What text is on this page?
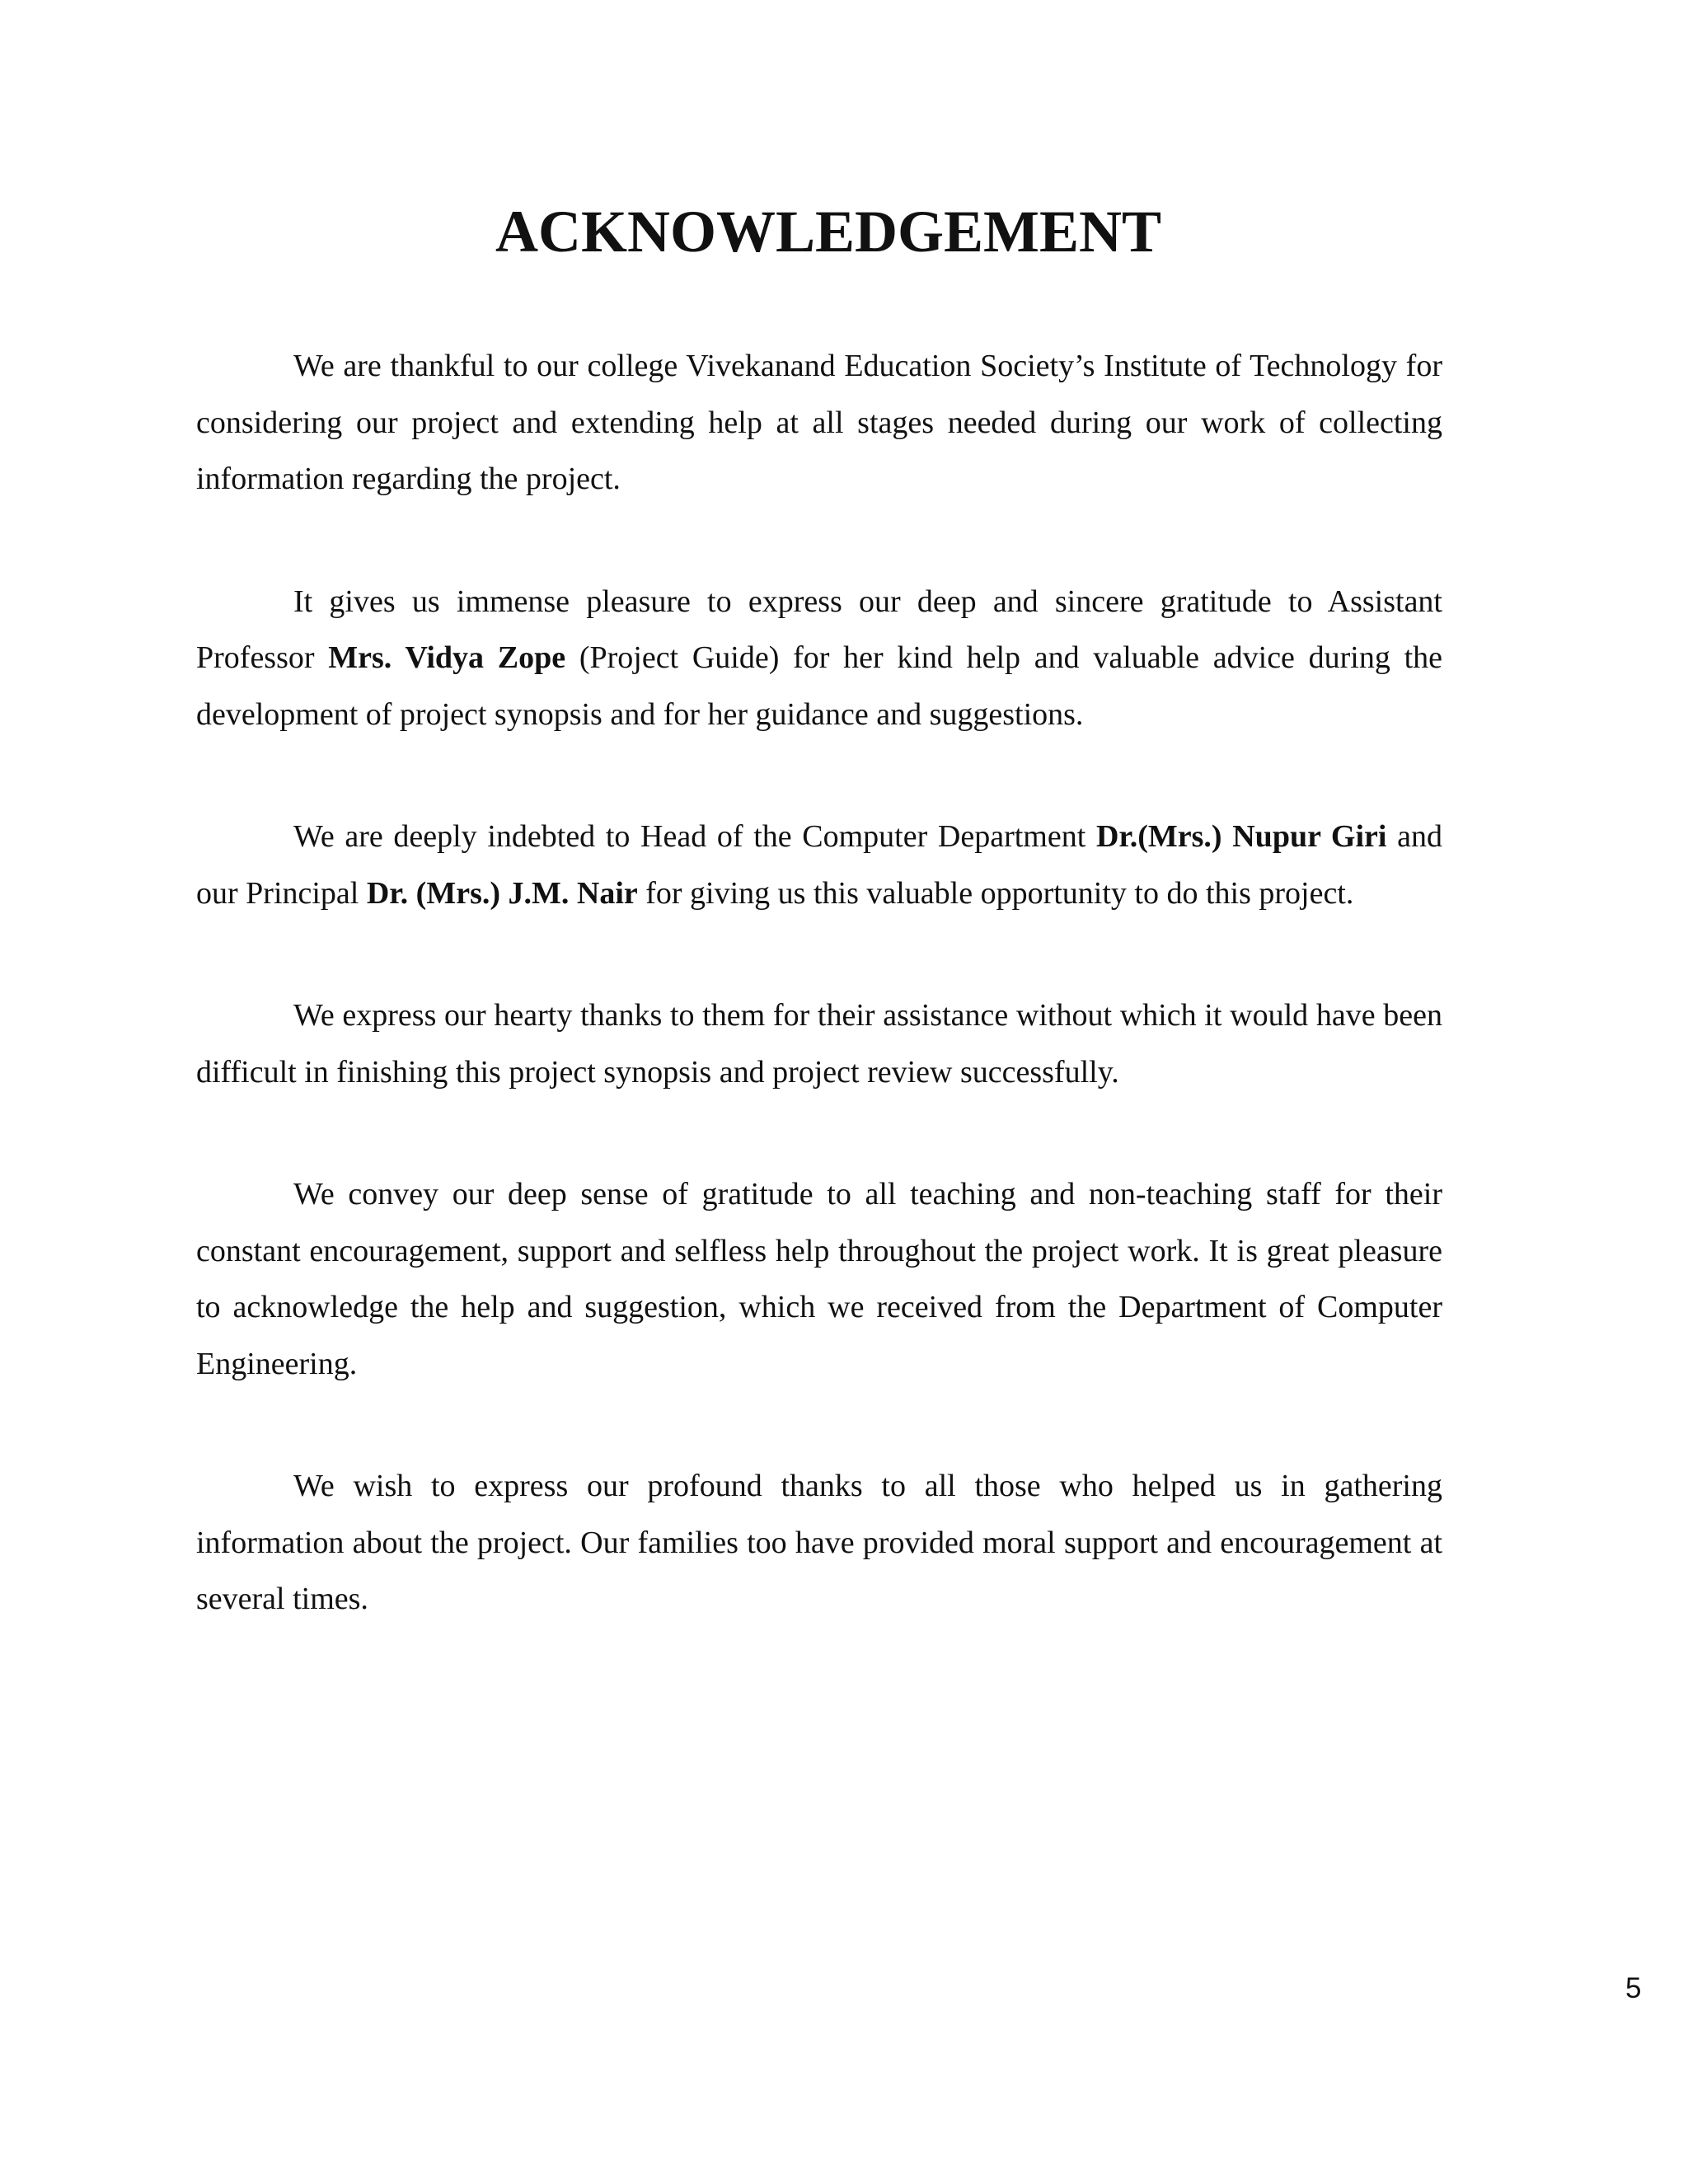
ACKNOWLEDGEMENT

We are thankful to our college Vivekanand Education Society’s Institute of Technology for considering our project and extending help at all stages needed during our work of collecting information regarding the project.

It gives us immense pleasure to express our deep and sincere gratitude to Assistant Professor Mrs. Vidya Zope (Project Guide) for her kind help and valuable advice during the development of project synopsis and for her guidance and suggestions.

We are deeply indebted to Head of the Computer Department Dr.(Mrs.) Nupur Giri and our Principal Dr. (Mrs.) J.M. Nair for giving us this valuable opportunity to do this project.

We express our hearty thanks to them for their assistance without which it would have been difficult in finishing this project synopsis and project review successfully.

We convey our deep sense of gratitude to all teaching and non-teaching staff for their constant encouragement, support and selfless help throughout the project work. It is great pleasure to acknowledge the help and suggestion, which we received from the Department of Computer Engineering.

We wish to express our profound thanks to all those who helped us in gathering information about the project. Our families too have provided moral support and encouragement at several times.

5
